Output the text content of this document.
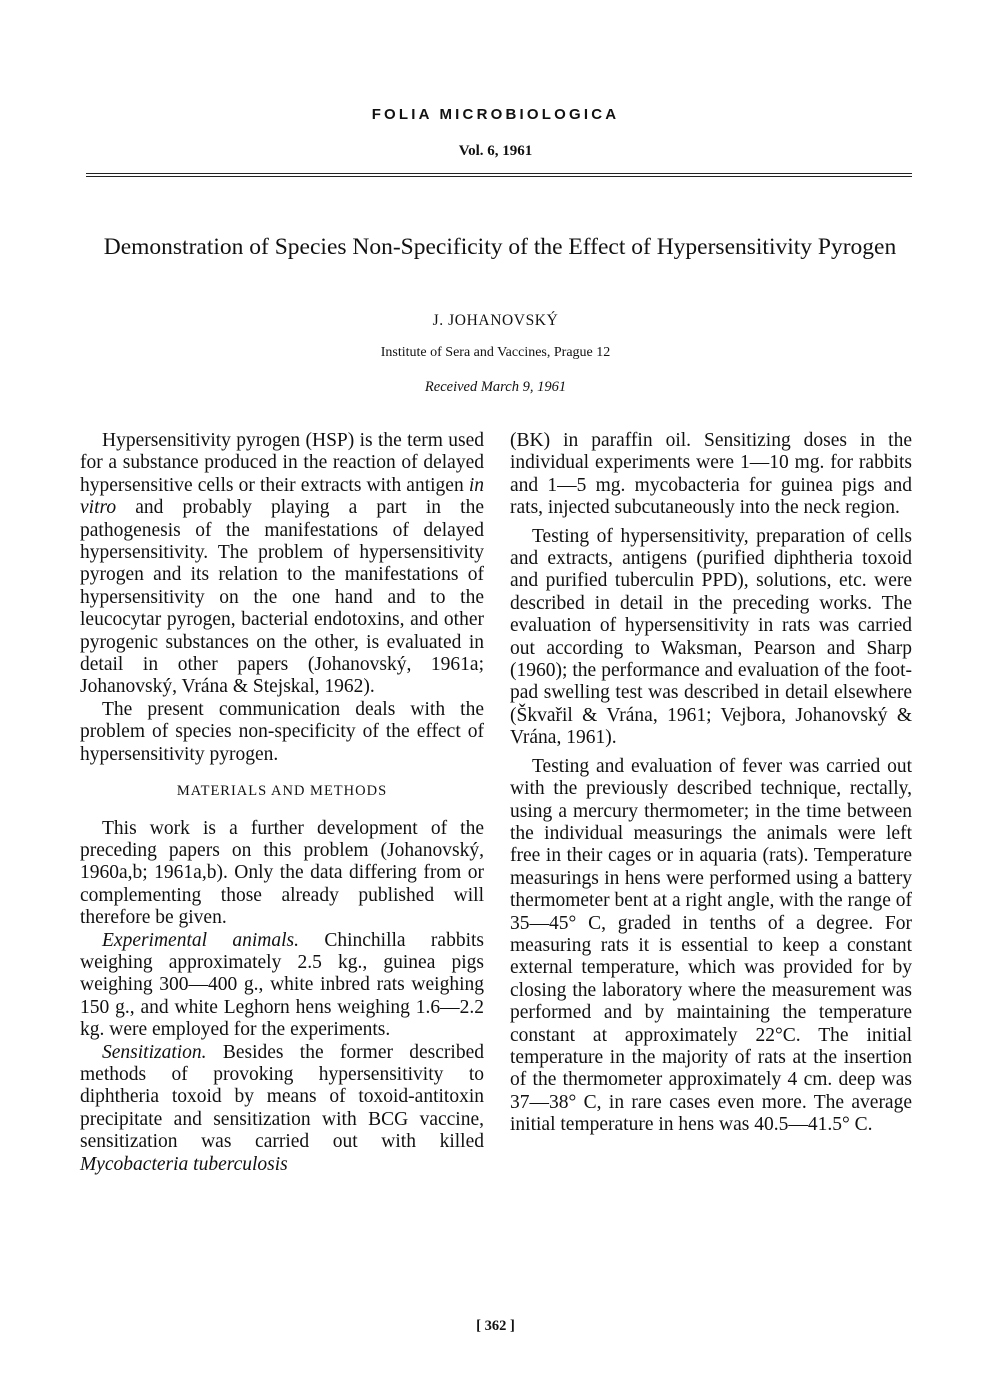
FOLIA MICROBIOLOGICA
Vol. 6, 1961
Demonstration of Species Non-Specificity of the Effect of Hypersensitivity Pyrogen
J. JOHANOVSKÝ
Institute of Sera and Vaccines, Prague 12
Received March 9, 1961

Hypersensitivity pyrogen (HSP) is the term used for a substance produced in the reaction of delayed hypersensitive cells or their extracts with antigen in vitro and probably playing a part in the pathogenesis of the manifestations of delayed hypersensitivity. The problem of hypersensitivity pyrogen and its relation to the manifestations of hypersensitivity on the one hand and to the leucocytar pyrogen, bacterial endotoxins, and other pyrogenic substances on the other, is evaluated in detail in other papers (Johanovský, 1961a; Johanovský, Vrána & Stejskal, 1962).

The present communication deals with the problem of species non-specificity of the effect of hypersensitivity pyrogen.

MATERIALS AND METHODS

This work is a further development of the preceding papers on this problem (Johanovský, 1960a,b; 1961a,b). Only the data differing from or complementing those already published will therefore be given.

Experimental animals. Chinchilla rabbits weighing approximately 2.5 kg., guinea pigs weighing 300—400 g., white inbred rats weighing 150 g., and white Leghorn hens weighing 1.6—2.2 kg. were employed for the experiments.

Sensitization. Besides the former described methods of provoking hypersensitivity to diphtheria toxoid by means of toxoid-antitoxin precipitate and sensitization with BCG vaccine, sensitization was carried out with killed Mycobacteria tuberculosis

(BK) in paraffin oil. Sensitizing doses in the individual experiments were 1—10 mg. for rabbits and 1—5 mg. mycobacteria for guinea pigs and rats, injected subcutaneously into the neck region.

Testing of hypersensitivity, preparation of cells and extracts, antigens (purified diphtheria toxoid and purified tuberculin PPD), solutions, etc. were described in detail in the preceding works. The evaluation of hypersensitivity in rats was carried out according to Waksman, Pearson and Sharp (1960); the performance and evaluation of the foot-pad swelling test was described in detail elsewhere (Škvařil & Vrána, 1961; Vejbora, Johanovský & Vrána, 1961).

Testing and evaluation of fever was carried out with the previously described technique, rectally, using a mercury thermometer; in the time between the individual measurings the animals were left free in their cages or in aquaria (rats). Temperature measurings in hens were performed using a battery thermometer bent at a right angle, with the range of 35—45° C, graded in tenths of a degree. For measuring rats it is essential to keep a constant external temperature, which was provided for by closing the laboratory where the measurement was performed and by maintaining the temperature constant at approximately 22°C. The initial temperature in the majority of rats at the insertion of the thermometer approximately 4 cm. deep was 37—38° C, in rare cases even more. The average initial temperature in hens was 40.5—41.5° C.

[ 362 ]
